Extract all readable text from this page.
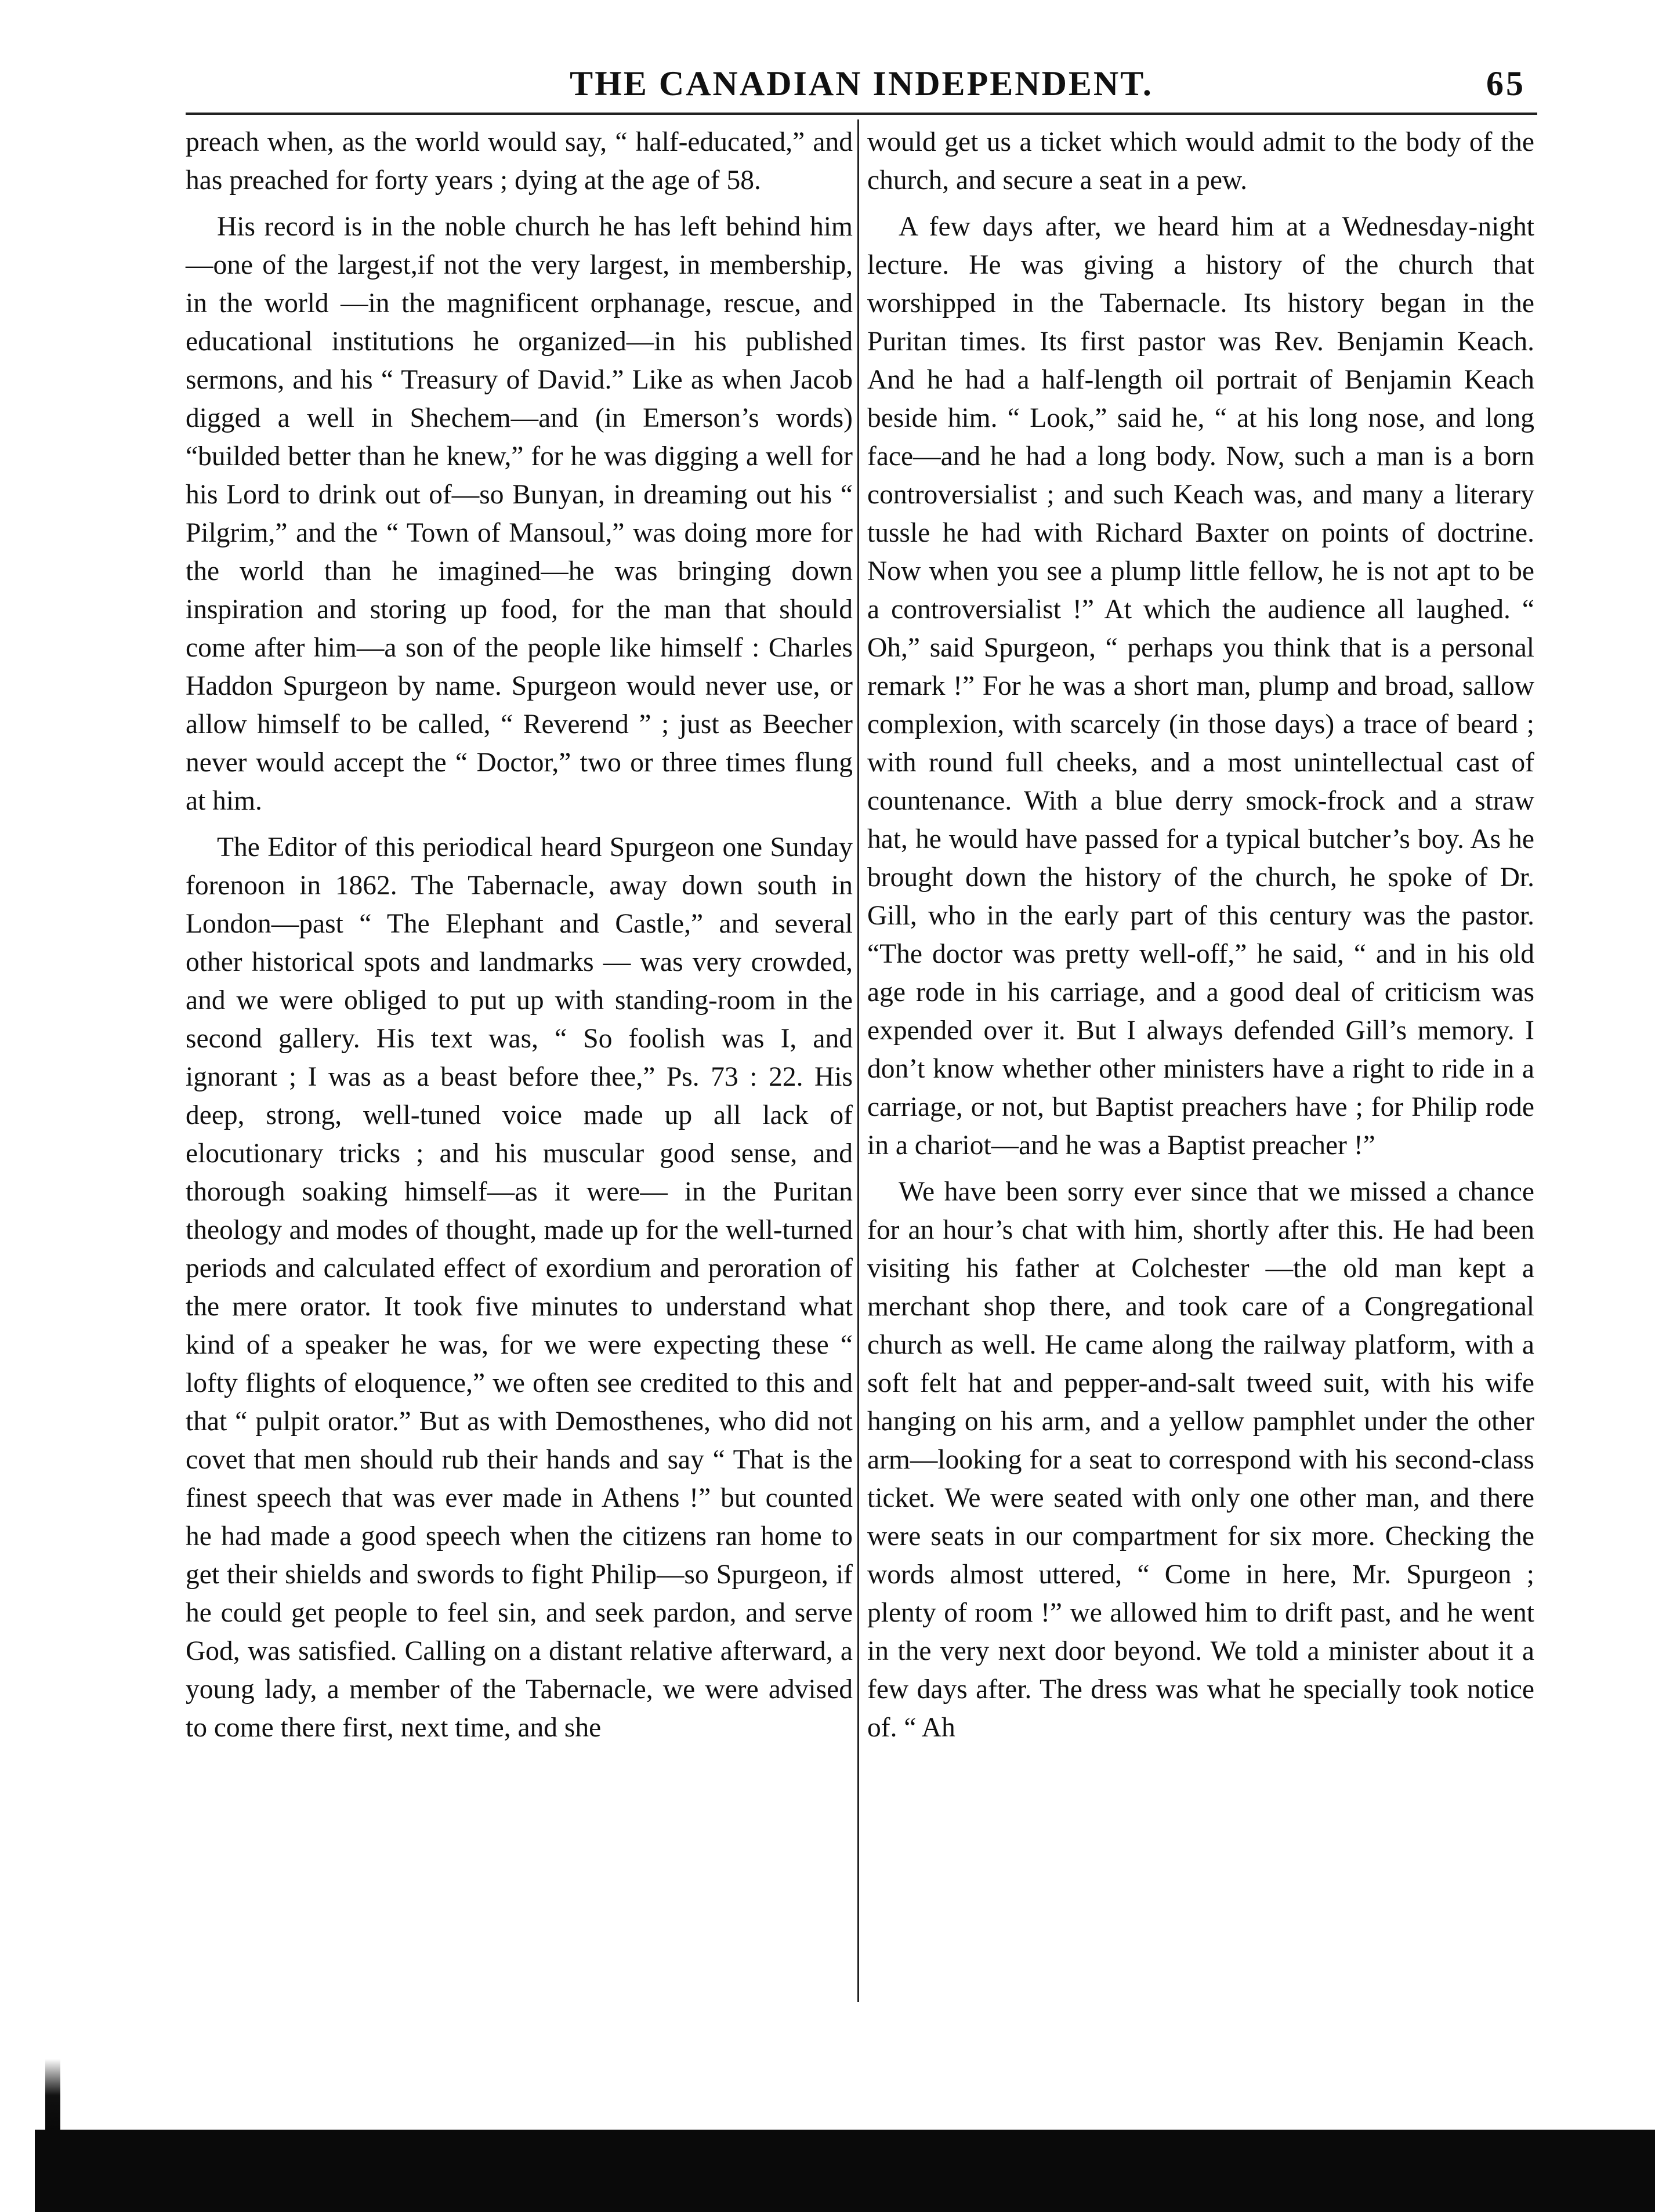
THE CANADIAN INDEPENDENT.	65

preach when, as the world would say, “ half-educated,” and has preached for forty years ; dying at the age of 58.

His record is in the noble church he has left behind him—one of the largest,if not the very largest, in membership, in the world —in the magnificent orphanage, rescue, and educational institutions he organized—in his published sermons, and his “ Treasury of David.” Like as when Jacob digged a well in Shechem—and (in Emerson’s words) “builded better than he knew,” for he was digging a well for his Lord to drink out of—so Bunyan, in dreaming out his “ Pilgrim,” and the “ Town of Mansoul,” was doing more for the world than he imagined—he was bringing down inspiration and storing up food, for the man that should come after him—a son of the people like himself : Charles Haddon Spurgeon by name. Spurgeon would never use, or allow himself to be called, “ Reverend ” ; just as Beecher never would accept the “ Doctor,” two or three times flung at him.

The Editor of this periodical heard Spurgeon one Sunday forenoon in 1862. The Tabernacle, away down south in London—past “ The Elephant and Castle,” and several other historical spots and landmarks — was very crowded, and we were obliged to put up with standing-room in the second gallery. His text was, “ So foolish was I, and ignorant ; I was as a beast before thee,” Ps. 73 : 22. His deep, strong, well-tuned voice made up all lack of elocutionary tricks ; and his muscular good sense, and thorough soaking himself—as it were— in the Puritan theology and modes of thought, made up for the well-turned periods and calculated effect of exordium and peroration of the mere orator. It took five minutes to understand what kind of a speaker he was, for we were expecting these “ lofty flights of eloquence,” we often see credited to this and that “ pulpit orator.” But as with Demosthenes, who did not covet that men should rub their hands and say “ That is the finest speech that was ever made in Athens !” but counted he had made a good speech when the citizens ran home to get their shields and swords to fight Philip—so Spurgeon, if he could get people to feel sin, and seek pardon, and serve God, was satisfied. Calling on a distant relative afterward, a young lady, a member of the Tabernacle, we were advised to come there first, next time, and she

would get us a ticket which would admit to the body of the church, and secure a seat in a pew.

A few days after, we heard him at a Wednesday-night lecture. He was giving a history of the church that worshipped in the Tabernacle. Its history began in the Puritan times. Its first pastor was Rev. Benjamin Keach. And he had a half-length oil portrait of Benjamin Keach beside him. “ Look,” said he, “ at his long nose, and long face—and he had a long body. Now, such a man is a born controversialist ; and such Keach was, and many a literary tussle he had with Richard Baxter on points of doctrine. Now when you see a plump little fellow, he is not apt to be a controversialist !” At which the audience all laughed. “ Oh,” said Spurgeon, “ perhaps you think that is a personal remark !” For he was a short man, plump and broad, sallow complexion, with scarcely (in those days) a trace of beard ; with round full cheeks, and a most unintellectual cast of countenance. With a blue derry smock-frock and a straw hat, he would have passed for a typical butcher’s boy. As he brought down the history of the church, he spoke of Dr. Gill, who in the early part of this century was the pastor. “The doctor was pretty well-off,” he said, “ and in his old age rode in his carriage, and a good deal of criticism was expended over it. But I always defended Gill’s memory. I don’t know whether other ministers have a right to ride in a carriage, or not, but Baptist preachers have ; for Philip rode in a chariot—and he was a Baptist preacher !”

We have been sorry ever since that we missed a chance for an hour’s chat with him, shortly after this. He had been visiting his father at Colchester —the old man kept a merchant shop there, and took care of a Congregational church as well. He came along the railway platform, with a soft felt hat and pepper-and-salt tweed suit, with his wife hanging on his arm, and a yellow pamphlet under the other arm—looking for a seat to correspond with his second-class ticket. We were seated with only one other man, and there were seats in our compartment for six more. Checking the words almost uttered, “ Come in here, Mr. Spurgeon ; plenty of room !” we allowed him to drift past, and he went in the very next door beyond. We told a minister about it a few days after. The dress was what he specially took notice of. “ Ah
